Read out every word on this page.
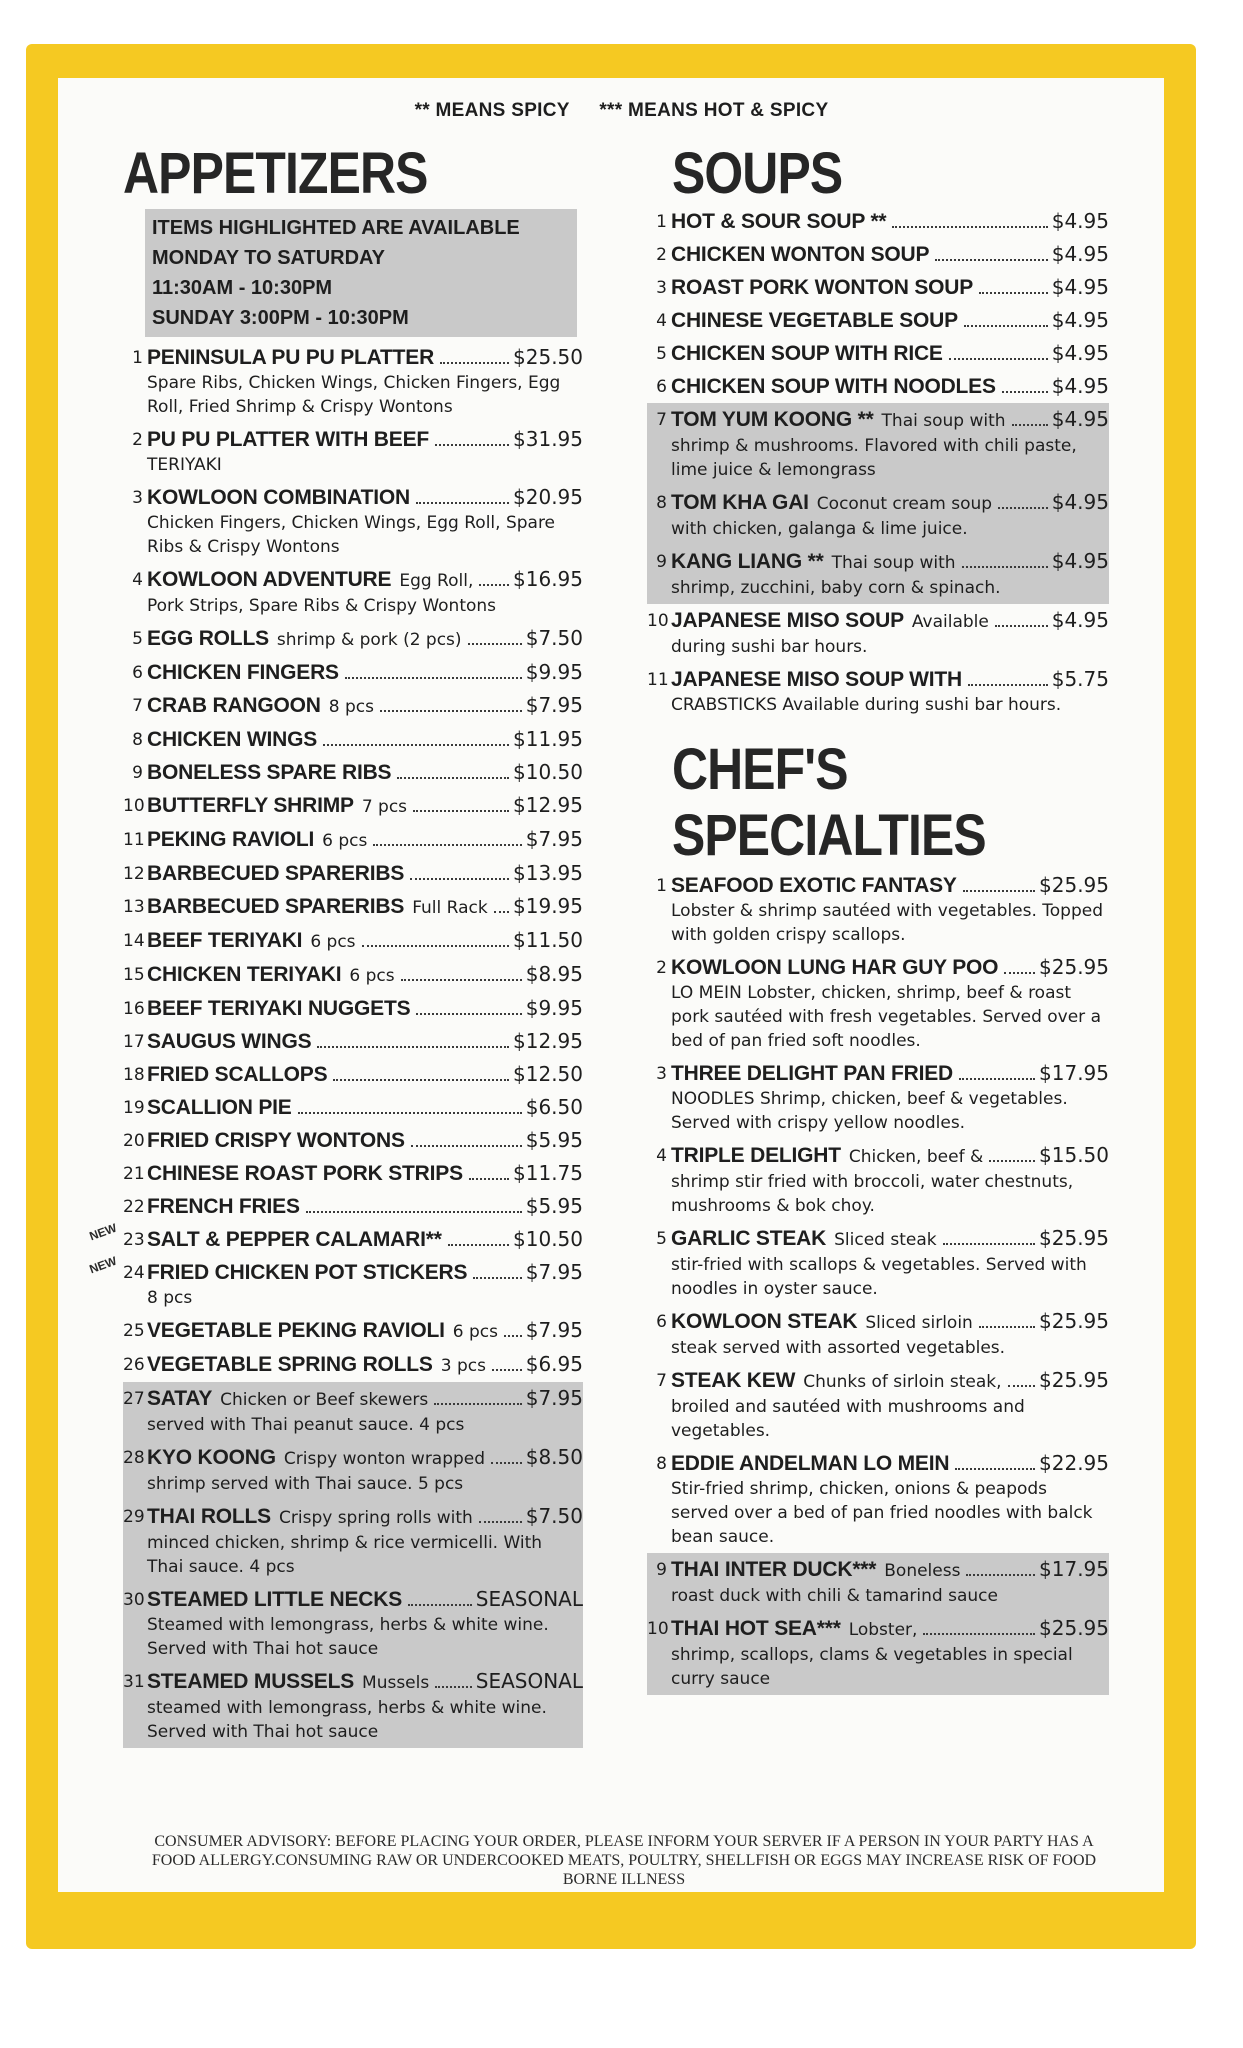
** MEANS SPICY *** MEANS HOT & SPICY
APPETIZERS
ITEMS HIGHLIGHTED ARE AVAILABLE
MONDAY TO SATURDAY
11:30AM - 10:30PM
SUNDAY 3:00PM - 10:30PM
1 PENINSULA PU PU PLATTER	$25.50
Spare Ribs, Chicken Wings, Chicken Fingers, Egg Roll, Fried Shrimp & Crispy Wontons
2 PU PU PLATTER WITH BEEF	$31.95
TERIYAKI
3 KOWLOON COMBINATION	$20.95
Chicken Fingers, Chicken Wings, Egg Roll, Spare Ribs & Crispy Wontons
4 KOWLOON ADVENTURE Egg Roll, $16.95
Pork Strips, Spare Ribs & Crispy Wontons
5 EGG ROLLS shrimp & pork (2 pcs)	$7.50
6 CHICKEN FINGERS	$9.95
7 CRAB RANGOON 8 pcs	$7.95
8 CHICKEN WINGS	$11.95
9 BONELESS SPARE RIBS	$10.50
10 BUTTERFLY SHRIMP 7 pcs	$12.95
11 PEKING RAVIOLI 6 pcs	$7.95
12 BARBECUED SPARERIBS	$13.95
13 BARBECUED SPARERIBS Full Rack $19.95
14 BEEF TERIYAKI 6 pcs	$11.50
15 CHICKEN TERIYAKI 6 pcs	$8.95
16 BEEF TERIYAKI NUGGETS	$9.95
17 SAUGUS WINGS	$12.95
18 FRIED SCALLOPS	$12.50
19 SCALLION PIE	$6.50
20 FRIED CRISPY WONTONS	$5.95
21 CHINESE ROAST PORK STRIPS	$11.75
22 FRENCH FRIES	$5.95
NEW 23 SALT & PEPPER CALAMARI**	$10.50
NEW 24 FRIED CHICKEN POT STICKERS	$7.95
8 pcs
25 VEGETABLE PEKING RAVIOLI 6 pcs $7.95
26 VEGETABLE SPRING ROLLS 3 pcs $6.95
27 SATAY Chicken or Beef skewers	$7.95
served with Thai peanut sauce. 4 pcs
28 KYO KOONG Crispy wonton wrapped $8.50
shrimp served with Thai sauce. 5 pcs
29 THAI ROLLS Crispy spring rolls with	$7.50
minced chicken, shrimp & rice vermicelli. With Thai sauce. 4 pcs
30 STEAMED LITTLE NECKS	SEASONAL
Steamed with lemongrass, herbs & white wine. Served with Thai hot sauce
31 STEAMED MUSSELS Mussels SEASONAL
steamed with lemongrass, herbs & white wine. Served with Thai hot sauce
SOUPS
1 HOT & SOUR SOUP **	$4.95
2 CHICKEN WONTON SOUP	$4.95
3 ROAST PORK WONTON SOUP	$4.95
4 CHINESE VEGETABLE SOUP	$4.95
5 CHICKEN SOUP WITH RICE	$4.95
6 CHICKEN SOUP WITH NOODLES	$4.95
7 TOM YUM KOONG ** Thai soup with $4.95
shrimp & mushrooms. Flavored with chili paste, lime juice & lemongrass
8 TOM KHA GAI Coconut cream soup	$4.95
with chicken, galanga & lime juice.
9 KANG LIANG ** Thai soup with	$4.95
shrimp, zucchini, baby corn & spinach.
10 JAPANESE MISO SOUP Available	$4.95
during sushi bar hours.
11 JAPANESE MISO SOUP WITH	$5.75
CRABSTICKS Available during sushi bar hours.
CHEF'S
SPECIALTIES
1 SEAFOOD EXOTIC FANTASY	$25.95
Lobster & shrimp sautéed with vegetables. Topped with golden crispy scallops.
2 KOWLOON LUNG HAR GUY POO $25.95
LO MEIN Lobster, chicken, shrimp, beef & roast pork sautéed with fresh vegetables. Served over a bed of pan fried soft noodles.
3 THREE DELIGHT PAN FRIED	$17.95
NOODLES Shrimp, chicken, beef & vegetables. Served with crispy yellow noodles.
4 TRIPLE DELIGHT Chicken, beef &	$15.50
shrimp stir fried with broccoli, water chestnuts, mushrooms & bok choy.
5 GARLIC STEAK Sliced steak	$25.95
stir-fried with scallops & vegetables. Served with noodles in oyster sauce.
6 KOWLOON STEAK Sliced sirloin	$25.95
steak served with assorted vegetables.
7 STEAK KEW Chunks of sirloin steak, $25.95
broiled and sautéed with mushrooms and vegetables.
8 EDDIE ANDELMAN LO MEIN	$22.95
Stir-fried shrimp, chicken, onions & peapods served over a bed of pan fried noodles with balck bean sauce.
9 THAI INTER DUCK*** Boneless	$17.95
roast duck with chili & tamarind sauce
10 THAI HOT SEA*** Lobster,	$25.95
shrimp, scallops, clams & vegetables in special curry sauce
CONSUMER ADVISORY: BEFORE PLACING YOUR ORDER, PLEASE INFORM YOUR SERVER IF A PERSON IN YOUR PARTY HAS A FOOD ALLERGY.CONSUMING RAW OR UNDERCOOKED MEATS, POULTRY, SHELLFISH OR EGGS MAY INCREASE RISK OF FOOD BORNE ILLNESS
